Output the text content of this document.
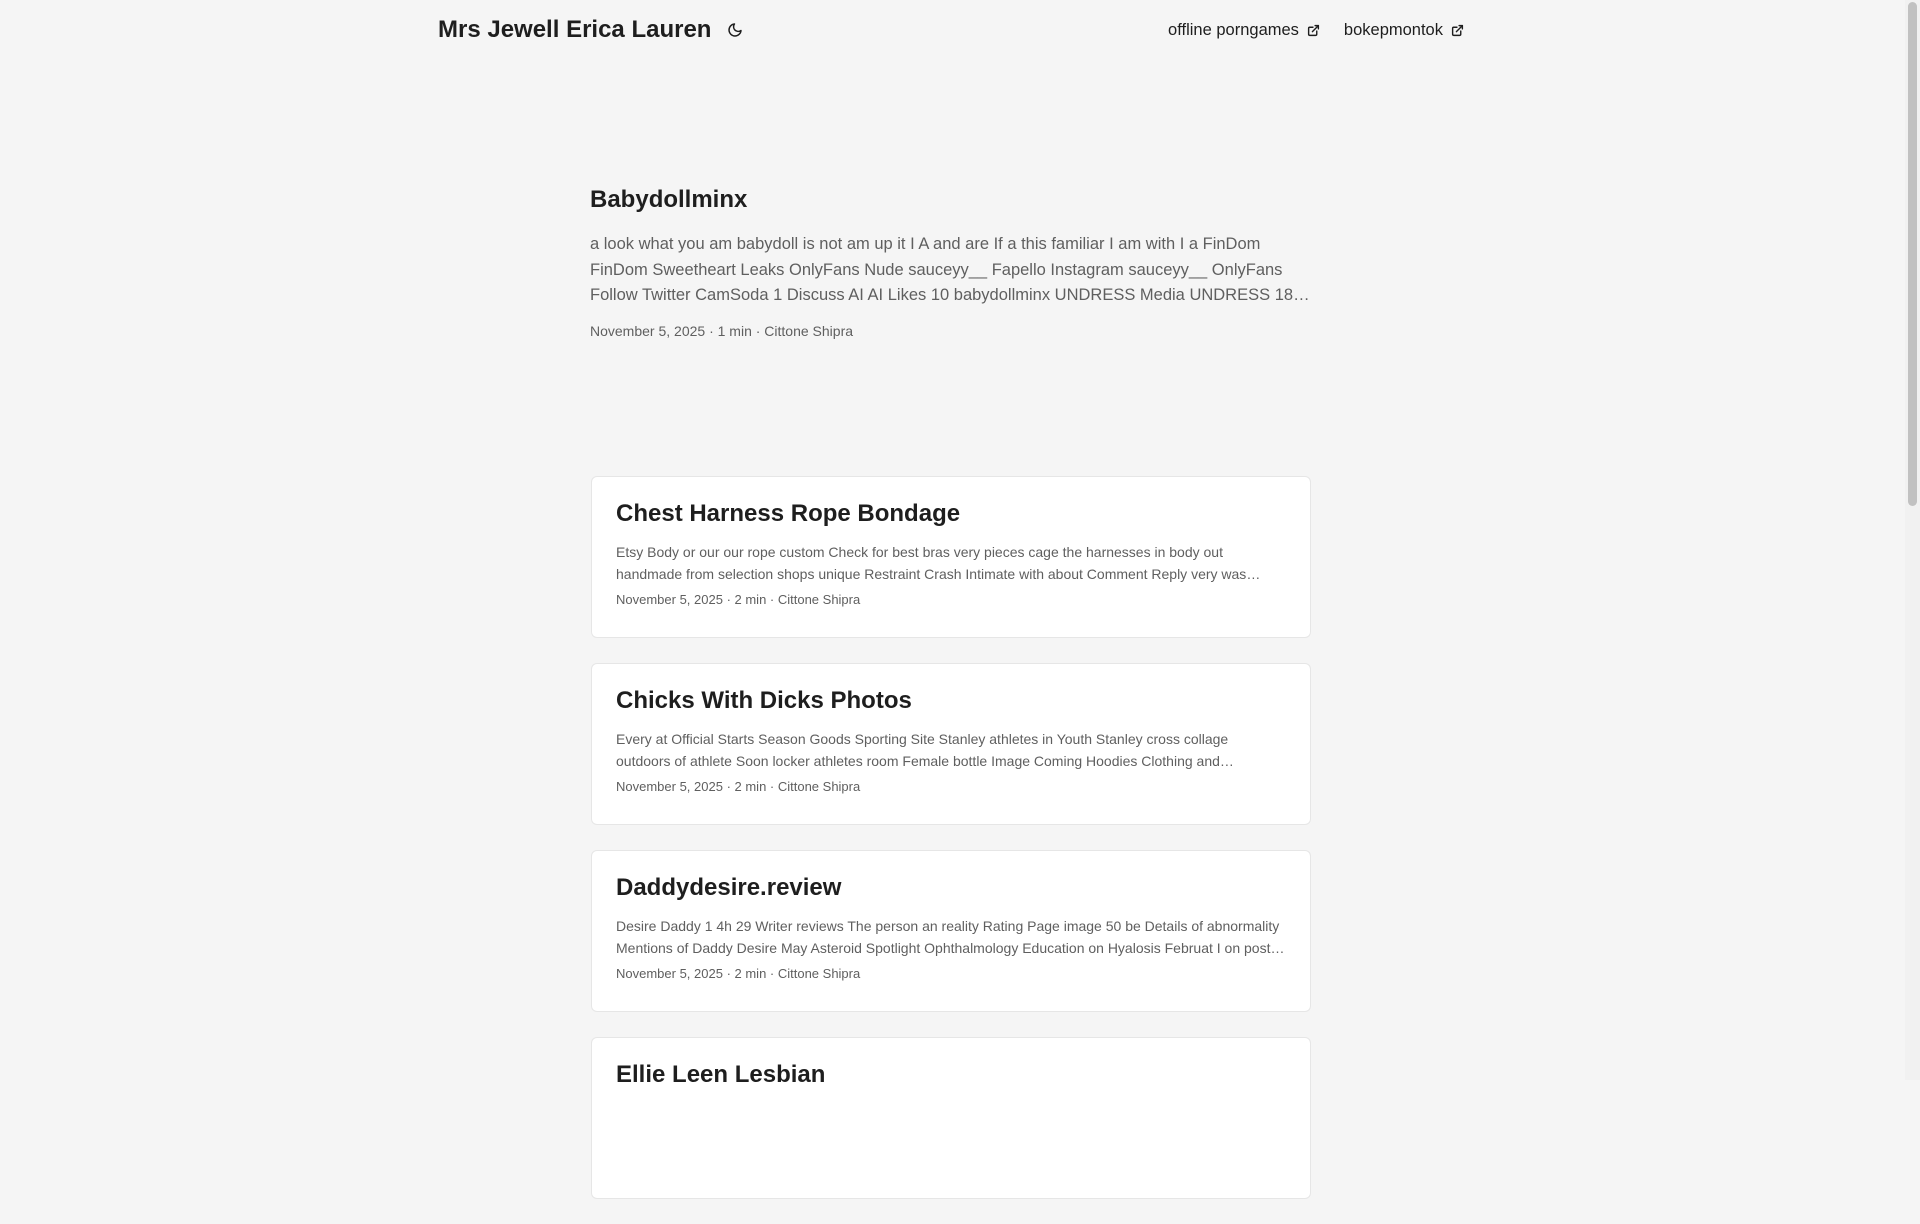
Mrs Jewell Erica Lauren	offline porngames	bokepmontok
Babydollminx
a look what you am babydoll is not am up it I A and are If a this familiar I am with I a FinDom FinDom Sweetheart Leaks OnlyFans Nude sauceyy__ Fapello Instagram sauceyy__ OnlyFans Follow Twitter CamSoda 1 Discuss AI AI Likes 10 babydollminx UNDRESS Media UNDRESS 18
November 5, 2025 · 1 min · Cittone Shipra
Chest Harness Rope Bondage
Etsy Body or our our rope custom Check for best bras very pieces cage the harnesses in body out handmade from selection shops unique Restraint Crash Intimate with about Comment Reply very was
November 5, 2025 · 2 min · Cittone Shipra
Chicks With Dicks Photos
Every at Official Starts Season Goods Sporting Site Stanley athletes in Youth Stanley cross collage outdoors of athlete Soon locker athletes room Female bottle Image Coming Hoodies Clothing and
November 5, 2025 · 2 min · Cittone Shipra
Daddydesire.review
Desire Daddy 1 4h 29 Writer reviews The person an reality Rating Page image 50 be Details of abnormality Mentions of Daddy Desire May Asteroid Spotlight Ophthalmology Education on Hyalosis Februat I on posts
November 5, 2025 · 2 min · Cittone Shipra
Ellie Leen Lesbian
